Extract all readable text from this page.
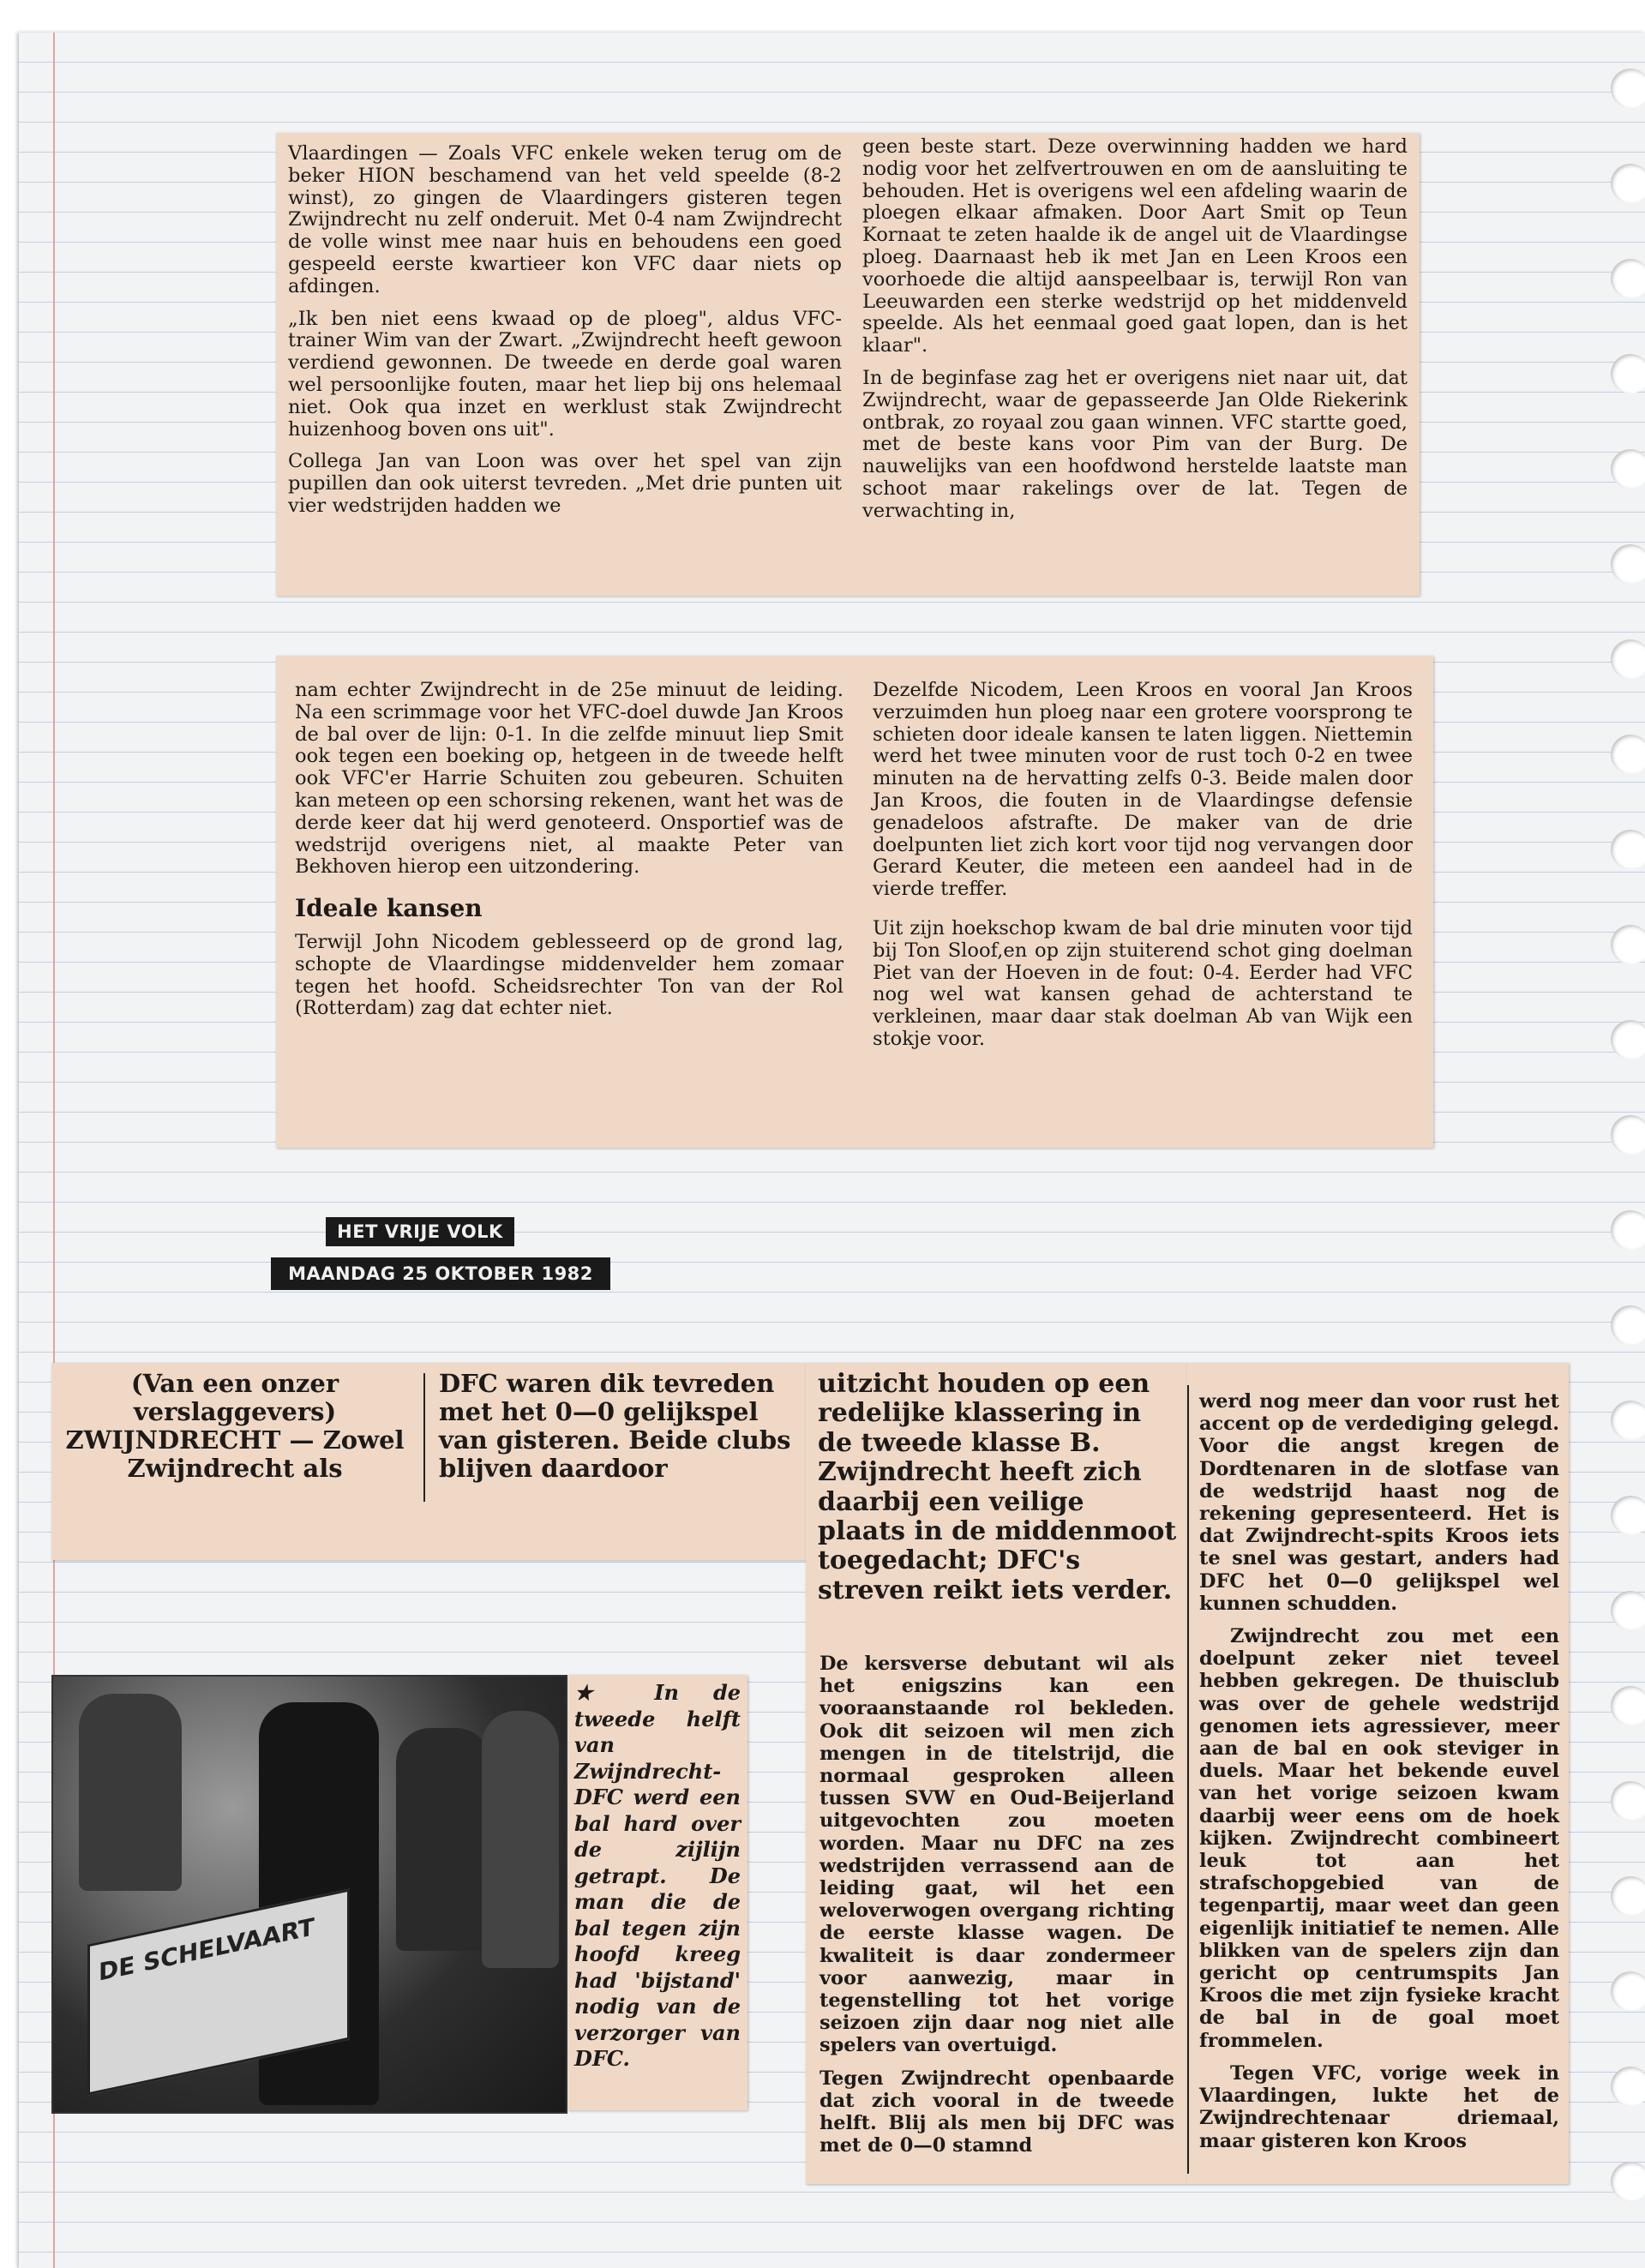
Vlaardingen — Zoals VFC enkele weken terug om de beker HION beschamend van het veld speelde (8-2 winst), zo gingen de Vlaardingers gisteren tegen Zwijndrecht nu zelf onderuit. Met 0-4 nam Zwijndrecht de volle winst mee naar huis en behoudens een goed gespeeld eerste kwartieer kon VFC daar niets op afdingen.

„Ik ben niet eens kwaad op de ploeg", aldus VFC-trainer Wim van der Zwart. „Zwijndrecht heeft gewoon verdiend gewonnen. De tweede en derde goal waren wel persoonlijke fouten, maar het liep bij ons helemaal niet. Ook qua inzet en werklust stak Zwijndrecht huizenhoog boven ons uit".

Collega Jan van Loon was over het spel van zijn pupillen dan ook uiterst tevreden. „Met drie punten uit vier wedstrijden hadden we

geen beste start. Deze overwinning hadden we hard nodig voor het zelfvertrouwen en om de aansluiting te behouden. Het is overigens wel een afdeling waarin de ploegen elkaar afmaken. Door Aart Smit op Teun Kornaat te zeten haalde ik de angel uit de Vlaardingse ploeg. Daarnaast heb ik met Jan en Leen Kroos een voorhoede die altijd aanspeelbaar is, terwijl Ron van Leeuwarden een sterke wedstrijd op het middenveld speelde. Als het eenmaal goed gaat lopen, dan is het klaar".

In de beginfase zag het er overigens niet naar uit, dat Zwijndrecht, waar de gepasseerde Jan Olde Riekerink ontbrak, zo royaal zou gaan winnen. VFC startte goed, met de beste kans voor Pim van der Burg. De nauwelijks van een hoofdwond herstelde laatste man schoot maar rakelings over de lat. Tegen de verwachting in,

nam echter Zwijndrecht in de 25e minuut de leiding. Na een scrimmage voor het VFC-doel duwde Jan Kroos de bal over de lijn: 0-1. In die zelfde minuut liep Smit ook tegen een boeking op, hetgeen in de tweede helft ook VFC'er Harrie Schuiten zou gebeuren. Schuiten kan meteen op een schorsing rekenen, want het was de derde keer dat hij werd genoteerd. Onsportief was de wedstrijd overigens niet, al maakte Peter van Bekhoven hierop een uitzondering.

Ideale kansen

Terwijl John Nicodem geblesseerd op de grond lag, schopte de Vlaardingse middenvelder hem zomaar tegen het hoofd. Scheidsrechter Ton van der Rol (Rotterdam) zag dat echter niet.

Dezelfde Nicodem, Leen Kroos en vooral Jan Kroos verzuimden hun ploeg naar een grotere voorsprong te schieten door ideale kansen te laten liggen. Niettemin werd het twee minuten voor de rust toch 0-2 en twee minuten na de hervatting zelfs 0-3. Beide malen door Jan Kroos, die fouten in de Vlaardingse defensie genadeloos afstrafte. De maker van de drie doelpunten liet zich kort voor tijd nog vervangen door Gerard Keuter, die meteen een aandeel had in de vierde treffer.

Uit zijn hoekschop kwam de bal drie minuten voor tijd bij Ton Sloof,en op zijn stuiterend schot ging doelman Piet van der Hoeven in de fout: 0-4. Eerder had VFC nog wel wat kansen gehad de achterstand te verkleinen, maar daar stak doelman Ab van Wijk een stokje voor.

HET VRIJE VOLK
MAANDAG 25 OKTOBER 1982
(Van een onzer verslaggevers) ZWIJNDRECHT — Zowel Zwijndrecht als
DFC waren dik tevreden met het 0—0 gelijkspel van gisteren. Beide clubs blijven daardoor
uitzicht houden op een redelijke klassering in de tweede klasse B. Zwijndrecht heeft zich daarbij een veilige plaats in de middenmoot toegedacht; DFC's streven reikt iets verder.

De kersverse debutant wil als het enigszins kan een vooraanstaande rol bekleden. Ook dit seizoen wil men zich mengen in de titelstrijd, die normaal gesproken alleen tussen SVW en Oud-Beijerland uitgevochten zou moeten worden. Maar nu DFC na zes wedstrijden verrassend aan de leiding gaat, wil het een weloverwogen overgang richting de eerste klasse wagen. De kwaliteit is daar zondermeer voor aanwezig, maar in tegenstelling tot het vorige seizoen zijn daar nog niet alle spelers van overtuigd.

Tegen Zwijndrecht openbaarde dat zich vooral in de tweede helft. Blij als men bij DFC was met de 0—0 stamnd

werd nog meer dan voor rust het accent op de verdediging gelegd. Voor die angst kregen de Dordtenaren in de slotfase van de wedstrijd haast nog de rekening gepresenteerd. Het is dat Zwijndrecht-spits Kroos iets te snel was gestart, anders had DFC het 0—0 gelijkspel wel kunnen schudden.

Zwijndrecht zou met een doelpunt zeker niet teveel hebben gekregen. De thuisclub was over de gehele wedstrijd genomen iets agressiever, meer aan de bal en ook steviger in duels. Maar het bekende euvel van het vorige seizoen kwam daarbij weer eens om de hoek kijken. Zwijndrecht combineert leuk tot aan het strafschopgebied van de tegenpartij, maar weet dan geen eigenlijk initiatief te nemen. Alle blikken van de spelers zijn dan gericht op centrumspits Jan Kroos die met zijn fysieke kracht de bal in de goal moet frommelen.

Tegen VFC, vorige week in Vlaardingen, lukte het de Zwijndrechtenaar driemaal, maar gisteren kon Kroos

DE SCHELVAART
★ In de tweede helft van Zwijndrecht-DFC werd een bal hard over de zijlijn getrapt. De man die de bal tegen zijn hoofd kreeg had 'bijstand' nodig van de verzorger van DFC.
